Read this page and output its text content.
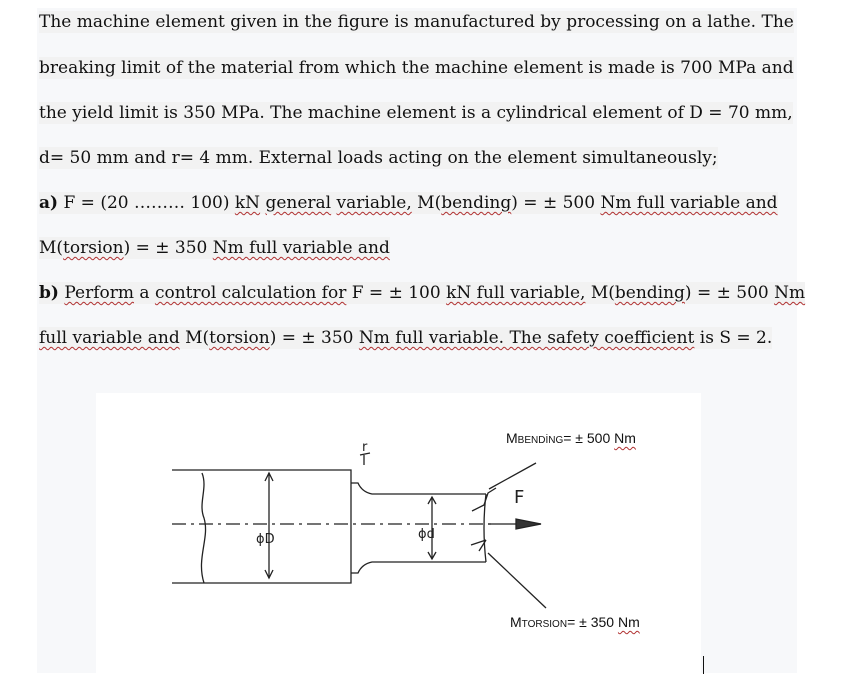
The machine element given in the figure is manufactured by processing on a lathe. The
breaking limit of the material from which the machine element is made is 700 MPa and
the yield limit is 350 MPa. The machine element is a cylindrical element of D = 70 mm,
d= 50 mm and r= 4 mm. External loads acting on the element simultaneously;
a) F = (20 ……… 100) kN general variable, M(bending) = ± 500 Nm full variable and
M(torsion) = ± 350 Nm full variable and
b) Perform a control calculation for F = ± 100 kN full variable, M(bending) = ± 500 Nm
full variable and M(torsion) = ± 350 Nm full variable. The safety coefficient is S = 2.
ϕD	ϕd
r
F
MBENDİNG= ± 500 Nm
MTORSION= ± 350 Nm
